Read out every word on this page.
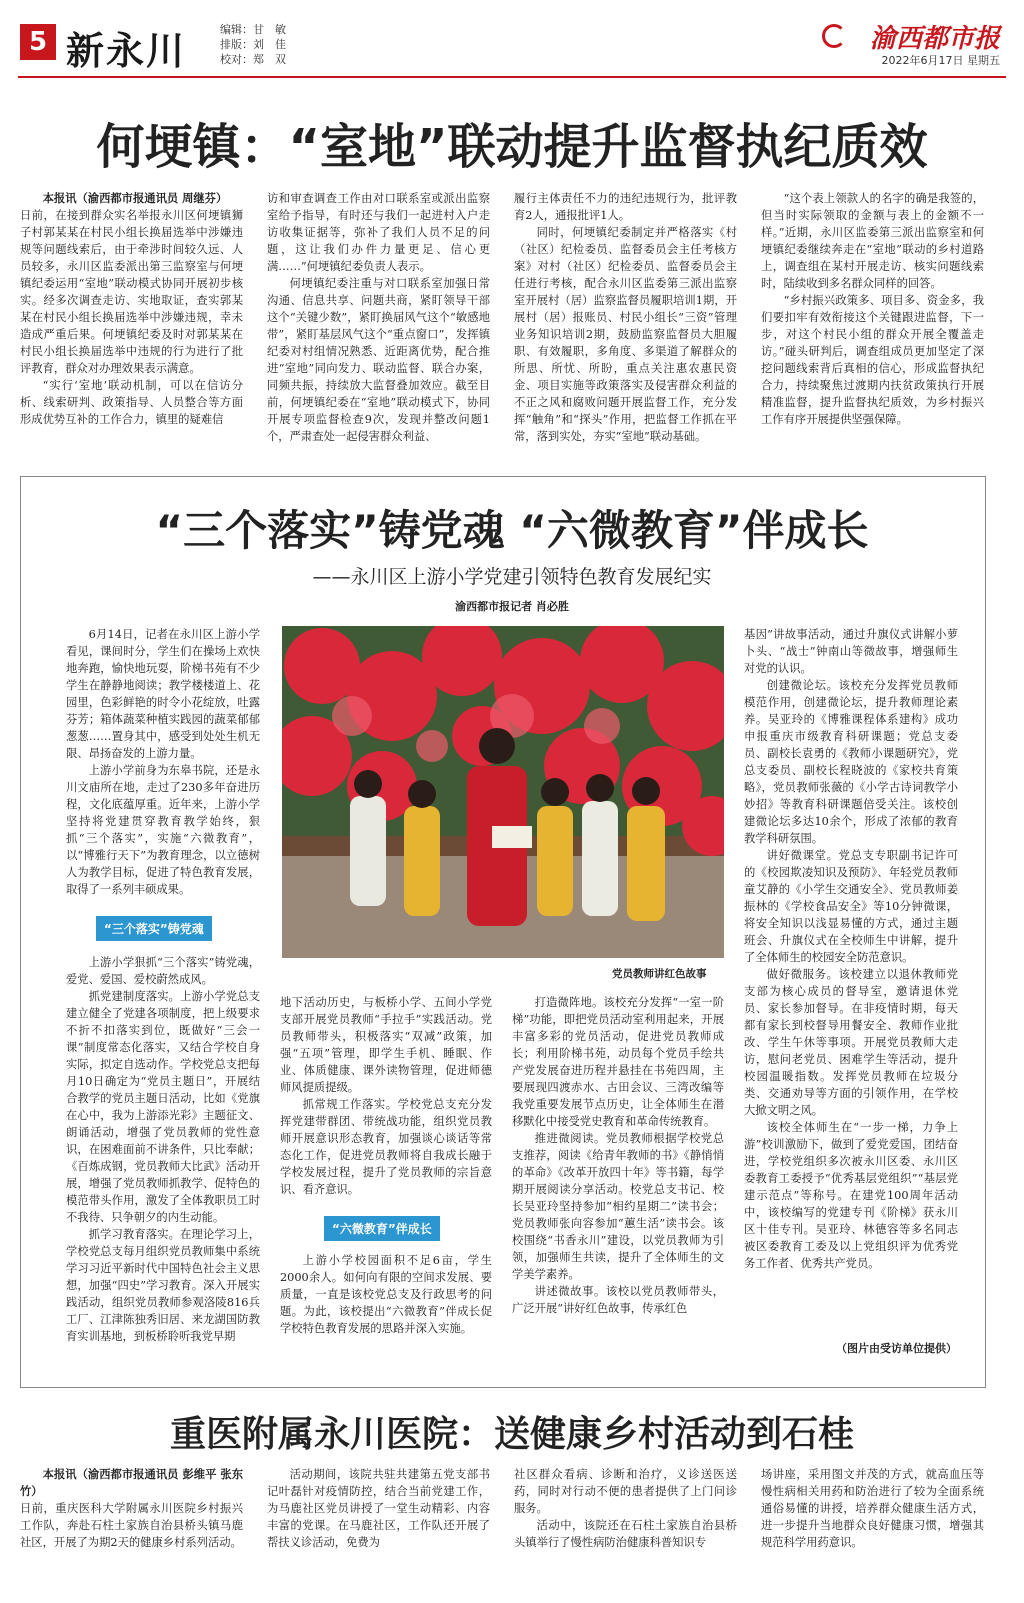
5 新永川	编辑：甘　敏
排版：刘　佳
校对：郑　双
渝西都市报
2022年6月17日 星期五
何埂镇：“室地”联动提升监督执纪质效

本报讯（渝西都市报通讯员 周继芬）

日前，在接到群众实名举报永川区何埂镇狮子村郭某某在村民小组长换届选举中涉嫌违规等问题线索后，由于牵涉时间较久远、人员较多，永川区监委派出第三监察室与何埂镇纪委运用“室地”联动模式协同开展初步核实。经多次调查走访、实地取证，查实郭某某在村民小组长换届选举中涉嫌违规，幸未造成严重后果。何埂镇纪委及时对郭某某在村民小组长换届选举中违规的行为进行了批评教育，群众对办理效果表示满意。

“实行‘室地’联动机制，可以在信访分析、线索研判、政策指导、人员整合等方面形成优势互补的工作合力，镇里的疑难信

访和审查调查工作由对口联系室或派出监察室给予指导，有时还与我们一起进村入户走访收集证据等，弥补了我们人员不足的问题，这让我们办件力量更足、信心更满……”何埂镇纪委负责人表示。

何埂镇纪委注重与对口联系室加强日常沟通、信息共享、问题共商，紧盯领导干部这个“关键少数”，紧盯换届风气这个“敏感地带”，紧盯基层风气这个“重点窗口”，发挥镇纪委对村组情况熟悉、近距离优势，配合推进“室地”同向发力、联动监督、联合办案，同频共振，持续放大监督叠加效应。截至目前，何埂镇纪委在“室地”联动模式下，协同开展专项监督检查9次，发现并整改问题1个，严肃查处一起侵害群众利益、

履行主体责任不力的违纪违规行为，批评教育2人，通报批评1人。

同时，何埂镇纪委制定并严格落实《村（社区）纪检委员、监督委员会主任考核方案》对村（社区）纪检委员、监督委员会主任进行考核，配合永川区监委第三派出监察室开展村（居）监察监督员履职培训1期，开展村（居）报账员、村民小组长“三资”管理业务知识培训2期，鼓励监察监督员大胆履职、有效履职，多角度、多渠道了解群众的所思、所忧、所盼，重点关注惠农惠民资金、项目实施等政策落实及侵害群众利益的不正之风和腐败问题开展监督工作，充分发挥“触角”和“探头”作用，把监督工作抓在平常，落到实处，夯实“室地”联动基础。

“这个表上领款人的名字的确是我签的，但当时实际领取的金额与表上的金额不一样。”近期，永川区监委第三派出监察室和何埂镇纪委继续奔走在“室地”联动的乡村道路上，调查组在某村开展走访、核实问题线索时，陆续收到多名群众同样的回答。

“乡村振兴政策多、项目多、资金多，我们要扣牢有效衔接这个关键跟进监督，下一步，对这个村民小组的群众开展全覆盖走访。”碰头研判后，调查组成员更加坚定了深挖问题线索背后真相的信心，形成监督执纪合力，持续聚焦过渡期内扶贫政策执行开展精准监督，提升监督执纪质效，为乡村振兴工作有序开展提供坚强保障。

“三个落实”铸党魂 “六微教育”伴成长
——永川区上游小学党建引领特色教育发展纪实
渝西都市报记者 肖必胜
党员教师讲红色故事

6月14日，记者在永川区上游小学看见，课间时分，学生们在操场上欢快地奔跑，愉快地玩耍，阶梯书苑有不少学生在静静地阅读；教学楼楼道上、花园里，色彩鲜艳的时令小花绽放，吐露芬芳；箱体蔬菜种植实践园的蔬菜郁郁葱葱……置身其中，感受到处处生机无限、昂扬奋发的上游力量。

上游小学前身为东皋书院，还是永川文庙所在地，走过了230多年奋进历程，文化底蕴厚重。近年来，上游小学坚持将党建贯穿教育教学始终，狠抓“三个落实”，实施“六微教育”，以“博雅行天下”为教育理念，以立德树人为教学目标，促进了特色教育发展，取得了一系列丰硕成果。

“三个落实”铸党魂

上游小学狠抓“三个落实”铸党魂，爱党、爱国、爱校蔚然成风。

抓党建制度落实。上游小学党总支建立健全了党建各项制度，把上级要求不折不扣落实到位，既做好“三会一课”制度常态化落实，又结合学校自身实际，拟定自选动作。学校党总支把每月10日确定为“党员主题日”，开展结合教学的党员主题日活动，比如《党旗在心中，我为上游添光彩》主题征文、朗诵活动，增强了党员教师的党性意识，在困难面前不讲条件，只比奉献；《百炼成钢，党员教师大比武》活动开展，增强了党员教师抓教学、促特色的模范带头作用，激发了全体教职员工时不我待、只争朝夕的内生动能。

抓学习教育落实。在理论学习上，学校党总支每月组织党员教师集中系统学习习近平新时代中国特色社会主义思想，加强“四史”学习教育。深入开展实践活动，组织党员教师参观洛陵816兵工厂、江津陈独秀旧居、来龙湖国防教育实训基地，到板桥聆听我党早期

地下活动历史，与板桥小学、五间小学党支部开展党员教师“手拉手”实践活动。党员教师带头，积极落实“双减”政策，加强“五项”管理，即学生手机、睡眠、作业、体质健康、课外读物管理，促进师德师风提质提级。

抓常规工作落实。学校党总支充分发挥党建带群团、带统战功能，组织党员教师开展意识形态教育，加强谈心谈话等常态化工作，促进党员教师将自我成长融于学校发展过程，提升了党员教师的宗旨意识、看齐意识。

“六微教育”伴成长

上游小学校园面积不足6亩，学生2000余人。如何向有限的空间求发展、要质量，一直是该校党总支及行政思考的问题。为此，该校提出“六微教育”伴成长促学校特色教育发展的思路并深入实施。

打造微阵地。该校充分发挥“一室一阶梯”功能，即把党员活动室利用起来，开展丰富多彩的党员活动，促进党员教师成长；利用阶梯书苑，动员每个党员手绘共产党发展奋进历程并悬挂在书苑四周，主要展现四渡赤水、古田会议、三湾改编等我党重要发展节点历史，让全体师生在潜移默化中接受党史教育和革命传统教育。

推进微阅读。党员教师根据学校党总支推荐，阅读《给青年教师的书》《静悄悄的革命》《改革开放四十年》等书籍，每学期开展阅读分享活动。校党总支书记、校长吴亚玲坚持参加“相约星期二”读书会；党员教师张向容参加“蕙生活”读书会。该校围绕“书香永川”建设，以党员教师为引领，加强师生共读，提升了全体师生的文学美学素养。

讲述微故事。该校以党员教师带头，广泛开展“讲好红色故事，传承红色

基因”讲故事活动，通过升旗仪式讲解小萝卜头、“战士”钟南山等微故事，增强师生对党的认识。

创建微论坛。该校充分发挥党员教师模范作用，创建微论坛，提升教师理论素养。吴亚玲的《博雅课程体系建构》成功申报重庆市级教育科研课题；党总支委员、副校长袁勇的《教师小课题研究》，党总支委员、副校长程晓波的《家校共育策略》，党员教师张薇的《小学古诗词教学小妙招》等教育科研课题倍受关注。该校创建微论坛多达10余个，形成了浓郁的教育教学科研氛围。

讲好微课堂。党总支专职副书记许可的《校园欺凌知识及预防》、年轻党员教师童艾静的《小学生交通安全》、党员教师姜振林的《学校食品安全》等10分钟微课，将安全知识以浅显易懂的方式，通过主题班会、升旗仪式在全校师生中讲解，提升了全体师生的校园安全防范意识。

做好微服务。该校建立以退休教师党支部为核心成员的督导室，邀请退休党员、家长参加督导。在非疫情时期，每天都有家长到校督导用餐安全、教师作业批改、学生午休等事项。开展党员教师大走访，慰问老党员、困难学生等活动，提升校园温暖指数。发挥党员教师在垃圾分类、交通劝导等方面的引领作用，在学校大掀文明之风。

该校全体师生在“一步一梯，力争上游”校训激励下，做到了爱党爱国，团结奋进，学校党组织多次被永川区委、永川区委教育工委授予“优秀基层党组织”“基层党建示范点”等称号。在建党100周年活动中，该校编写的党建专刊《阶梯》获永川区十佳专刊。吴亚玲、林德容等多名同志被区委教育工委及以上党组织评为优秀党务工作者、优秀共产党员。

（图片由受访单位提供）
重医附属永川医院：送健康乡村活动到石桂

本报讯（渝西都市报通讯员 彭维平 张东竹）

日前，重庆医科大学附属永川医院乡村振兴工作队，奔赴石柱土家族自治县桥头镇马鹿社区，开展了为期2天的健康乡村系列活动。

活动期间，该院共驻共建第五党支部书记叶磊针对疫情防控，结合当前党建工作，为马鹿社区党员讲授了一堂生动精彩、内容丰富的党课。在马鹿社区，工作队还开展了帮扶义诊活动，免费为

社区群众看病、诊断和治疗，义诊送医送药，同时对行动不便的患者提供了上门问诊服务。

活动中，该院还在石柱土家族自治县桥头镇举行了慢性病防治健康科普知识专

场讲座，采用图文并茂的方式，就高血压等慢性病相关用药和防治进行了较为全面系统通俗易懂的讲授，培养群众健康生活方式，进一步提升当地群众良好健康习惯，增强其规范科学用药意识。
